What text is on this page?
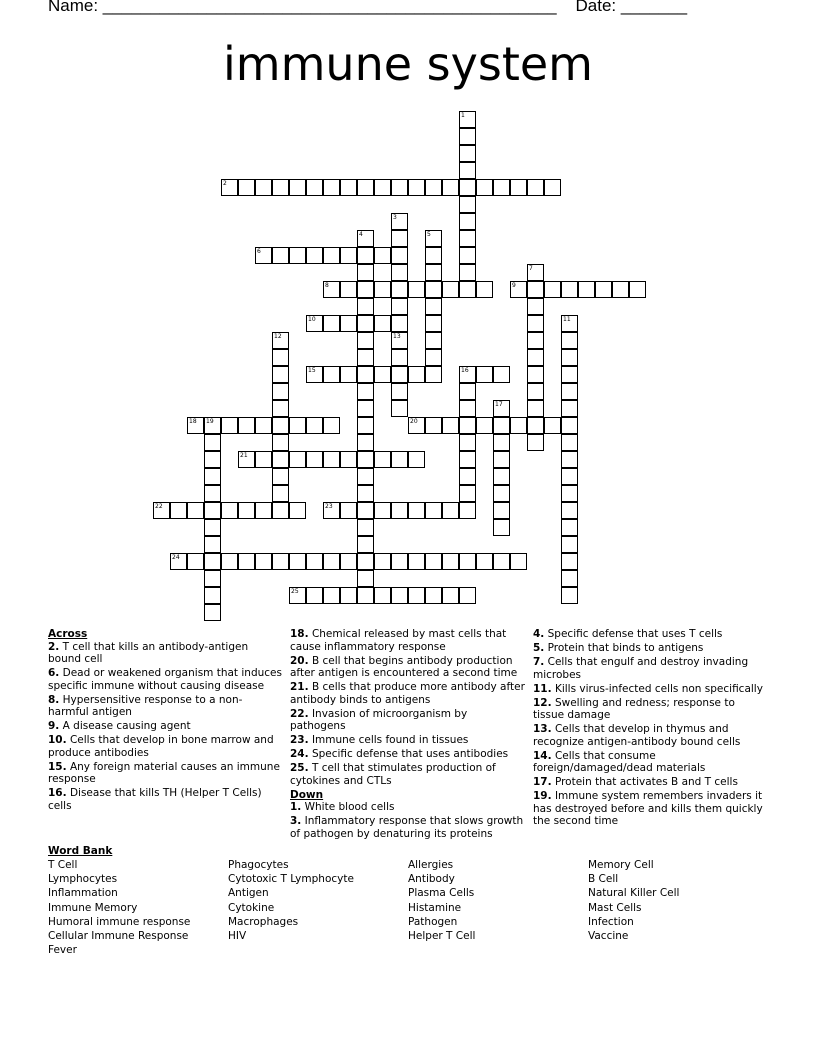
Name: ________________________________________________    Date: _______
immune system
1
2
3
13
4	5
6
7
8	9
10	11
12
16
15
17
18 19	20
21
22	23
24
25
Across
2. T cell that kills an antibody-antigen bound cell
6. Dead or weakened organism that induces specific immune without causing disease
8. Hypersensitive response to a non-harmful antigen
9. A disease causing agent
10. Cells that develop in bone marrow and produce antibodies
15. Any foreign material causes an immune response
16. Disease that kills TH (Helper T Cells) cells
18. Chemical released by mast cells that cause inflammatory response
20. B cell that begins antibody production after antigen is encountered a second time
21. B cells that produce more antibody after antibody binds to antigens
22. Invasion of microorganism by pathogens
23. Immune cells found in tissues
24. Specific defense that uses antibodies
25. T cell that stimulates production of cytokines and CTLs
Down
1. White blood cells
3. Inflammatory response that slows growth of pathogen by denaturing its proteins
4. Specific defense that uses T cells
5. Protein that binds to antigens
7. Cells that engulf and destroy invading microbes
11. Kills virus-infected cells non specifically
12. Swelling and redness; response to tissue damage
13. Cells that develop in thymus and recognize antigen-antibody bound cells
14. Cells that consume foreign/damaged/dead materials
17. Protein that activates B and T cells
19. Immune system remembers invaders it has destroyed before and kills them quickly the second time
Word Bank
T Cell
Lymphocytes
Inflammation
Immune Memory
Humoral immune response
Cellular Immune Response
Fever
Phagocytes
Cytotoxic T Lymphocyte
Antigen
Cytokine
Macrophages
HIV
Allergies
Antibody
Plasma Cells
Histamine
Pathogen
Helper T Cell
Memory Cell
B Cell
Natural Killer Cell
Mast Cells
Infection
Vaccine
